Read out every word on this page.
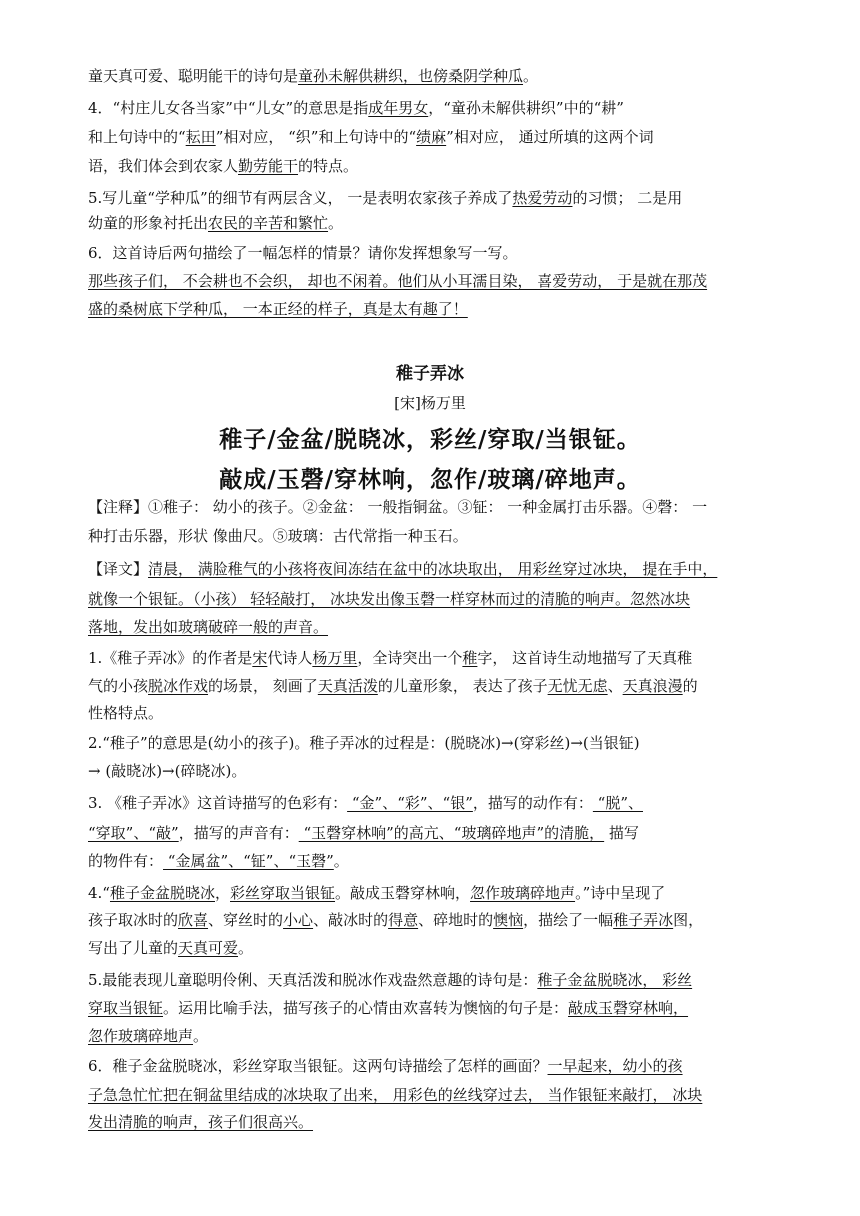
童天真可爱、聪明能干的诗句是童孙未解供耕织，也傍桑阴学种瓜。
4．“村庄儿女各当家”中“儿女”的意思是指成年男女，“童孙未解供耕织”中的“耕”
和上句诗中的“耘田”相对应， “织”和上句诗中的“绩麻”相对应， 通过所填的这两个词
语，我们体会到农家人勤劳能干的特点。
5.写儿童“学种瓜”的细节有两层含义， 一是表明农家孩子养成了热爱劳动的习惯； 二是用
幼童的形象衬托出农民的辛苦和繁忙。
6．这首诗后两句描绘了一幅怎样的情景？请你发挥想象写一写。
那些孩子们， 不会耕也不会织， 却也不闲着。他们从小耳濡目染， 喜爱劳动， 于是就在那茂
盛的桑树底下学种瓜， 一本正经的样子，真是太有趣了！
稚子弄冰
[宋]杨万里
稚子/金盆/脱晓冰，彩丝/穿取/当银钲。
敲成/玉磬/穿林响，忽作/玻璃/碎地声。
【注释】①稚子： 幼小的孩子。②金盆： 一般指铜盆。③钲： 一种金属打击乐器。④磬： 一
种打击乐器，形状 像曲尺。⑤玻璃：古代常指一种玉石。
【译文】清晨， 满脸稚气的小孩将夜间冻结在盆中的冰块取出， 用彩丝穿过冰块， 提在手中，
就像一个银钲。（小孩） 轻轻敲打， 冰块发出像玉磬一样穿林而过的清脆的响声。忽然冰块
落地，发出如玻璃破碎一般的声音。
1.《稚子弄冰》的作者是宋代诗人杨万里，全诗突出一个稚字， 这首诗生动地描写了天真稚
气的小孩脱冰作戏的场景， 刻画了天真活泼的儿童形象， 表达了孩子无忧无虑、天真浪漫的
性格特点。
2.“稚子”的意思是(幼小的孩子)。稚子弄冰的过程是：(脱晓冰)→(穿彩丝)→(当银钲)
→ (敲晓冰)→(碎晓冰)。
3. 《稚子弄冰》这首诗描写的色彩有： “金”、“彩”、“银”，描写的动作有： “脱”、
“穿取”、“敲”，描写的声音有： “玉磬穿林响”的高亢、“玻璃碎地声”的清脆， 描写
的物件有： “金属盆”、“钲”、“玉磬”。
4.“稚子金盆脱晓冰，彩丝穿取当银钲。敲成玉磬穿林响，忽作玻璃碎地声。”诗中呈现了
孩子取冰时的欣喜、穿丝时的小心、敲冰时的得意、碎地时的懊恼，描绘了一幅稚子弄冰图，
写出了儿童的天真可爱。
5.最能表现儿童聪明伶俐、天真活泼和脱冰作戏盎然意趣的诗句是：稚子金盆脱晓冰， 彩丝
穿取当银钲。运用比喻手法，描写孩子的心情由欢喜转为懊恼的句子是：敲成玉磬穿林响，
忽作玻璃碎地声。
6．稚子金盆脱晓冰，彩丝穿取当银钲。这两句诗描绘了怎样的画面？一早起来，幼小的孩
子急急忙忙把在铜盆里结成的冰块取了出来， 用彩色的丝线穿过去， 当作银钲来敲打， 冰块
发出清脆的响声，孩子们很高兴。
